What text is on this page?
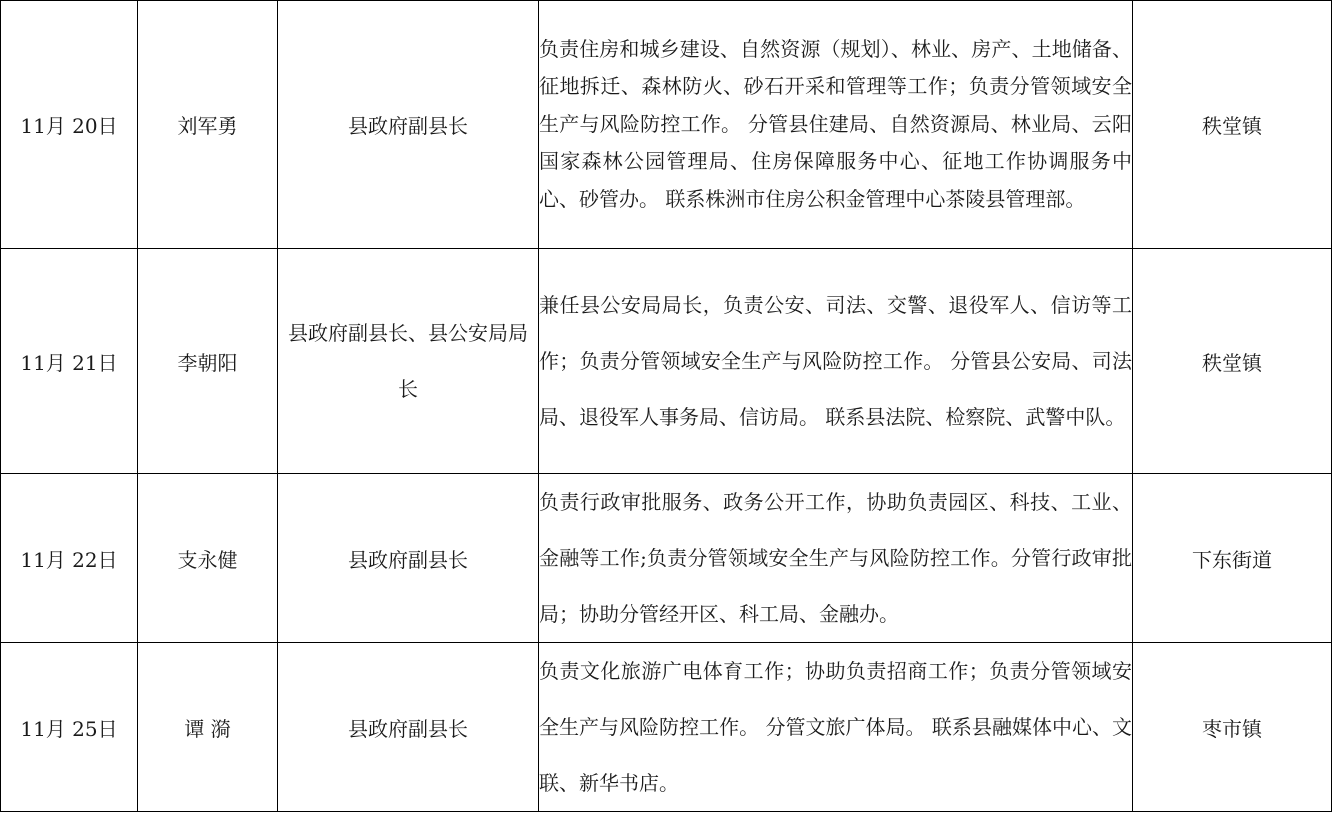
11月 20日	刘军勇	县政府副县长	负责住房和城乡建设、自然资源（规划）、林业、房产、土地储备、征地拆迁、森林防火、砂石开采和管理等工作；负责分管领域安全生产与风险防控工作。 分管县住建局、自然资源局、林业局、云阳国家森林公园管理局、住房保障服务中心、征地工作协调服务中心、砂管办。 联系株洲市住房公积金管理中心茶陵县管理部。	秩堂镇
11月 21日	李朝阳	县政府副县长、县公安局局长	兼任县公安局局长，负责公安、司法、交警、退役军人、信访等工作；负责分管领域安全生产与风险防控工作。 分管县公安局、司法局、退役军人事务局、信访局。 联系县法院、检察院、武警中队。	秩堂镇
11月 22日	支永健	县政府副县长	负责行政审批服务、政务公开工作，协助负责园区、科技、工业、金融等工作;负责分管领域安全生产与风险防控工作。分管行政审批局；协助分管经开区、科工局、金融办。	下东街道
11月 25日	谭 漪	县政府副县长	负责文化旅游广电体育工作；协助负责招商工作；负责分管领域安全生产与风险防控工作。 分管文旅广体局。 联系县融媒体中心、文联、新华书店。	枣市镇
